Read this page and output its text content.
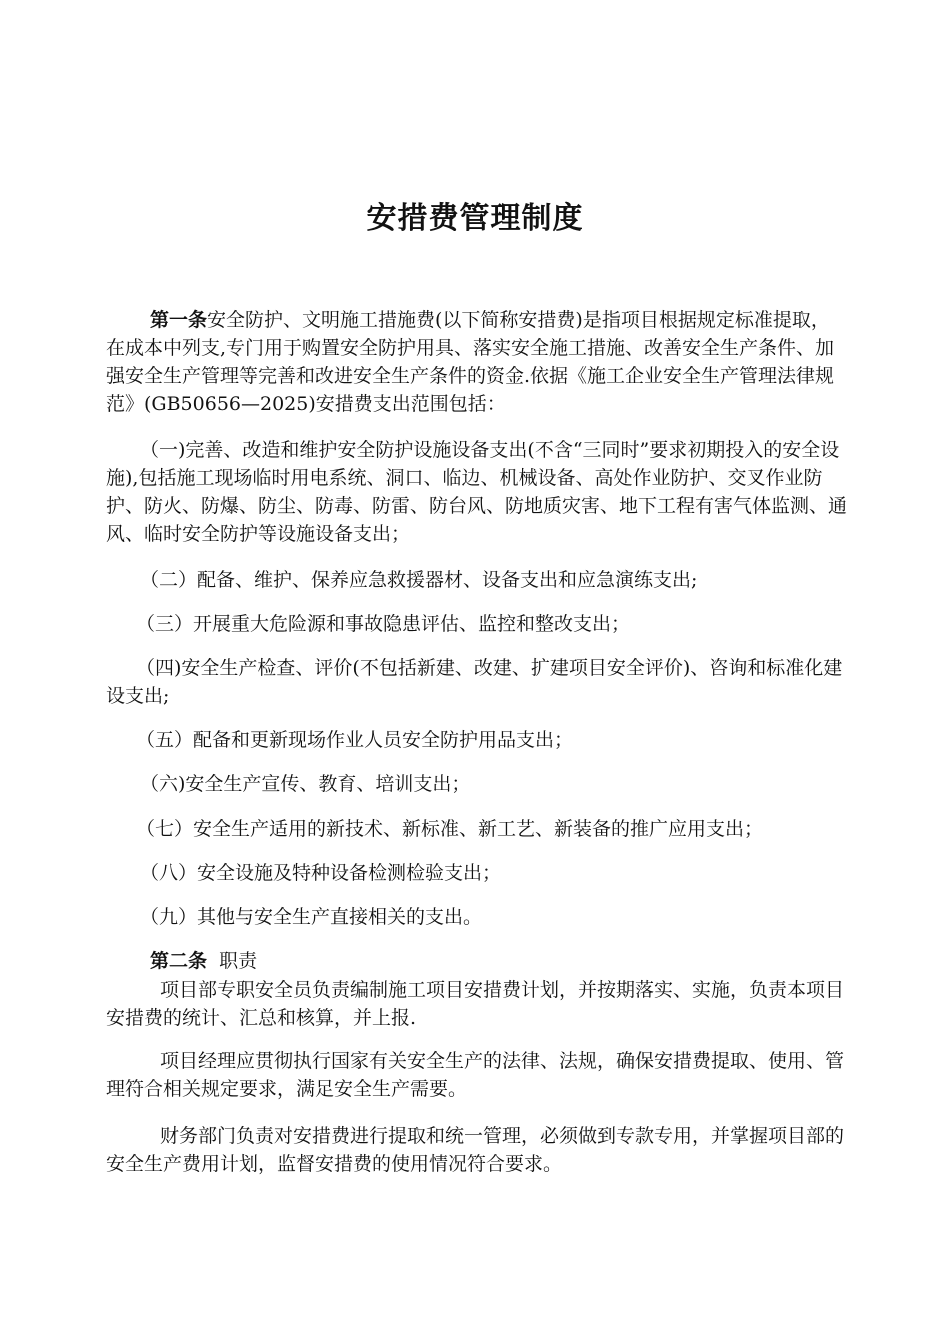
安措费管理制度

第一条安全防护、文明施工措施费(以下简称安措费)是指项目根据规定标准提取，在成本中列支,专门用于购置安全防护用具、落实安全施工措施、改善安全生产条件、加强安全生产管理等完善和改进安全生产条件的资金.依据《施工企业安全生产管理法律规范》(GB50656—2025)安措费支出范围包括：

（一)完善、改造和维护安全防护设施设备支出(不含“三同时”要求初期投入的安全设施),包括施工现场临时用电系统、洞口、临边、机械设备、高处作业防护、交叉作业防护、防火、防爆、防尘、防毒、防雷、防台风、防地质灾害、地下工程有害气体监测、通风、临时安全防护等设施设备支出；

（二）配备、维护、保养应急救援器材、设备支出和应急演练支出;
（三）开展重大危险源和事故隐患评估、监控和整改支出；

（四)安全生产检查、评价(不包括新建、改建、扩建项目安全评价)、咨询和标准化建设支出;

（五）配备和更新现场作业人员安全防护用品支出；
（六)安全生产宣传、教育、培训支出；
（七）安全生产适用的新技术、新标准、新工艺、新装备的推广应用支出；
（八）安全设施及特种设备检测检验支出；
（九）其他与安全生产直接相关的支出。
第二条 职责

项目部专职安全员负责编制施工项目安措费计划，并按期落实、实施，负责本项目安措费的统计、汇总和核算，并上报.

项目经理应贯彻执行国家有关安全生产的法律、法规，确保安措费提取、使用、管理符合相关规定要求，满足安全生产需要。

财务部门负责对安措费进行提取和统一管理，必须做到专款专用，并掌握项目部的安全生产费用计划，监督安措费的使用情况符合要求。
